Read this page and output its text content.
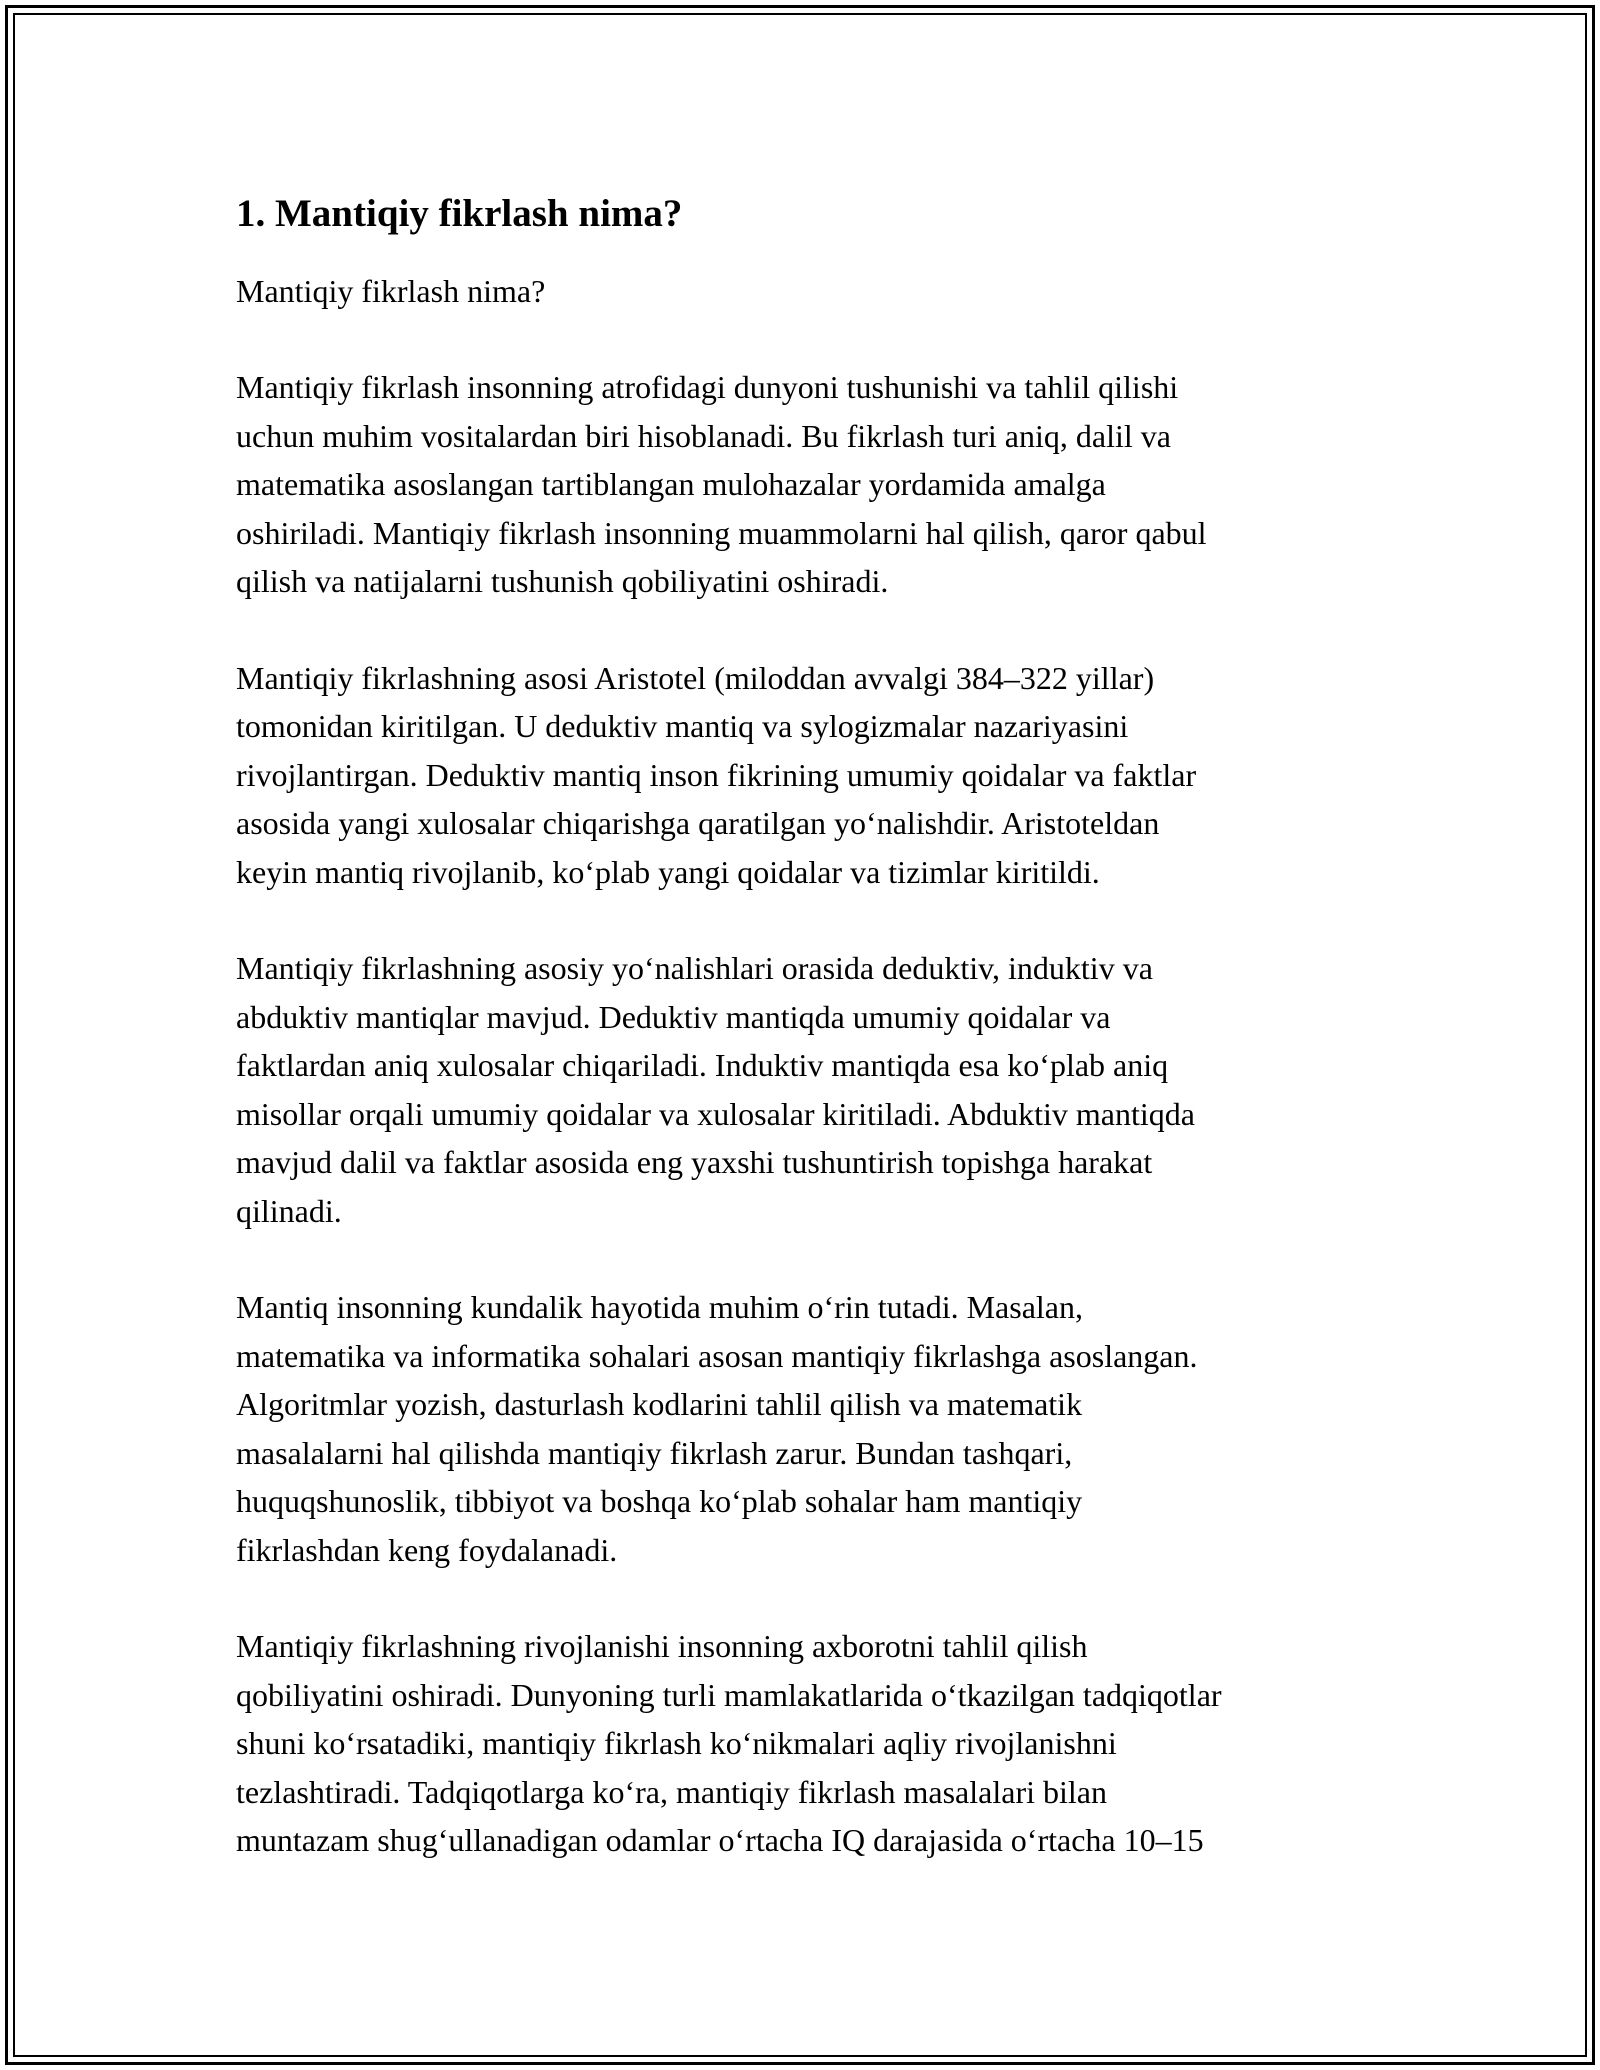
1. Mantiqiy fikrlash nima?

Mantiqiy fikrlash nima?

Mantiqiy fikrlash insonning atrofidagi dunyoni tushunishi va tahlil qilishi
uchun muhim vositalardan biri hisoblanadi. Bu fikrlash turi aniq, dalil va
matematika asoslangan tartiblangan mulohazalar yordamida amalga
oshiriladi. Mantiqiy fikrlash insonning muammolarni hal qilish, qaror qabul
qilish va natijalarni tushunish qobiliyatini oshiradi.

Mantiqiy fikrlashning asosi Aristotel (miloddan avvalgi 384–322 yillar)
tomonidan kiritilgan. U deduktiv mantiq va sylogizmalar nazariyasini
rivojlantirgan. Deduktiv mantiq inson fikrining umumiy qoidalar va faktlar
asosida yangi xulosalar chiqarishga qaratilgan yo‘nalishdir. Aristoteldan
keyin mantiq rivojlanib, ko‘plab yangi qoidalar va tizimlar kiritildi.

Mantiqiy fikrlashning asosiy yo‘nalishlari orasida deduktiv, induktiv va
abduktiv mantiqlar mavjud. Deduktiv mantiqda umumiy qoidalar va
faktlardan aniq xulosalar chiqariladi. Induktiv mantiqda esa ko‘plab aniq
misollar orqali umumiy qoidalar va xulosalar kiritiladi. Abduktiv mantiqda
mavjud dalil va faktlar asosida eng yaxshi tushuntirish topishga harakat
qilinadi.

Mantiq insonning kundalik hayotida muhim o‘rin tutadi. Masalan,
matematika va informatika sohalari asosan mantiqiy fikrlashga asoslangan.
Algoritmlar yozish, dasturlash kodlarini tahlil qilish va matematik
masalalarni hal qilishda mantiqiy fikrlash zarur. Bundan tashqari,
huquqshunoslik, tibbiyot va boshqa ko‘plab sohalar ham mantiqiy
fikrlashdan keng foydalanadi.

Mantiqiy fikrlashning rivojlanishi insonning axborotni tahlil qilish
qobiliyatini oshiradi. Dunyoning turli mamlakatlarida o‘tkazilgan tadqiqotlar
shuni ko‘rsatadiki, mantiqiy fikrlash ko‘nikmalari aqliy rivojlanishni
tezlashtiradi. Tadqiqotlarga ko‘ra, mantiqiy fikrlash masalalari bilan
muntazam shug‘ullanadigan odamlar o‘rtacha IQ darajasida o‘rtacha 10–15
